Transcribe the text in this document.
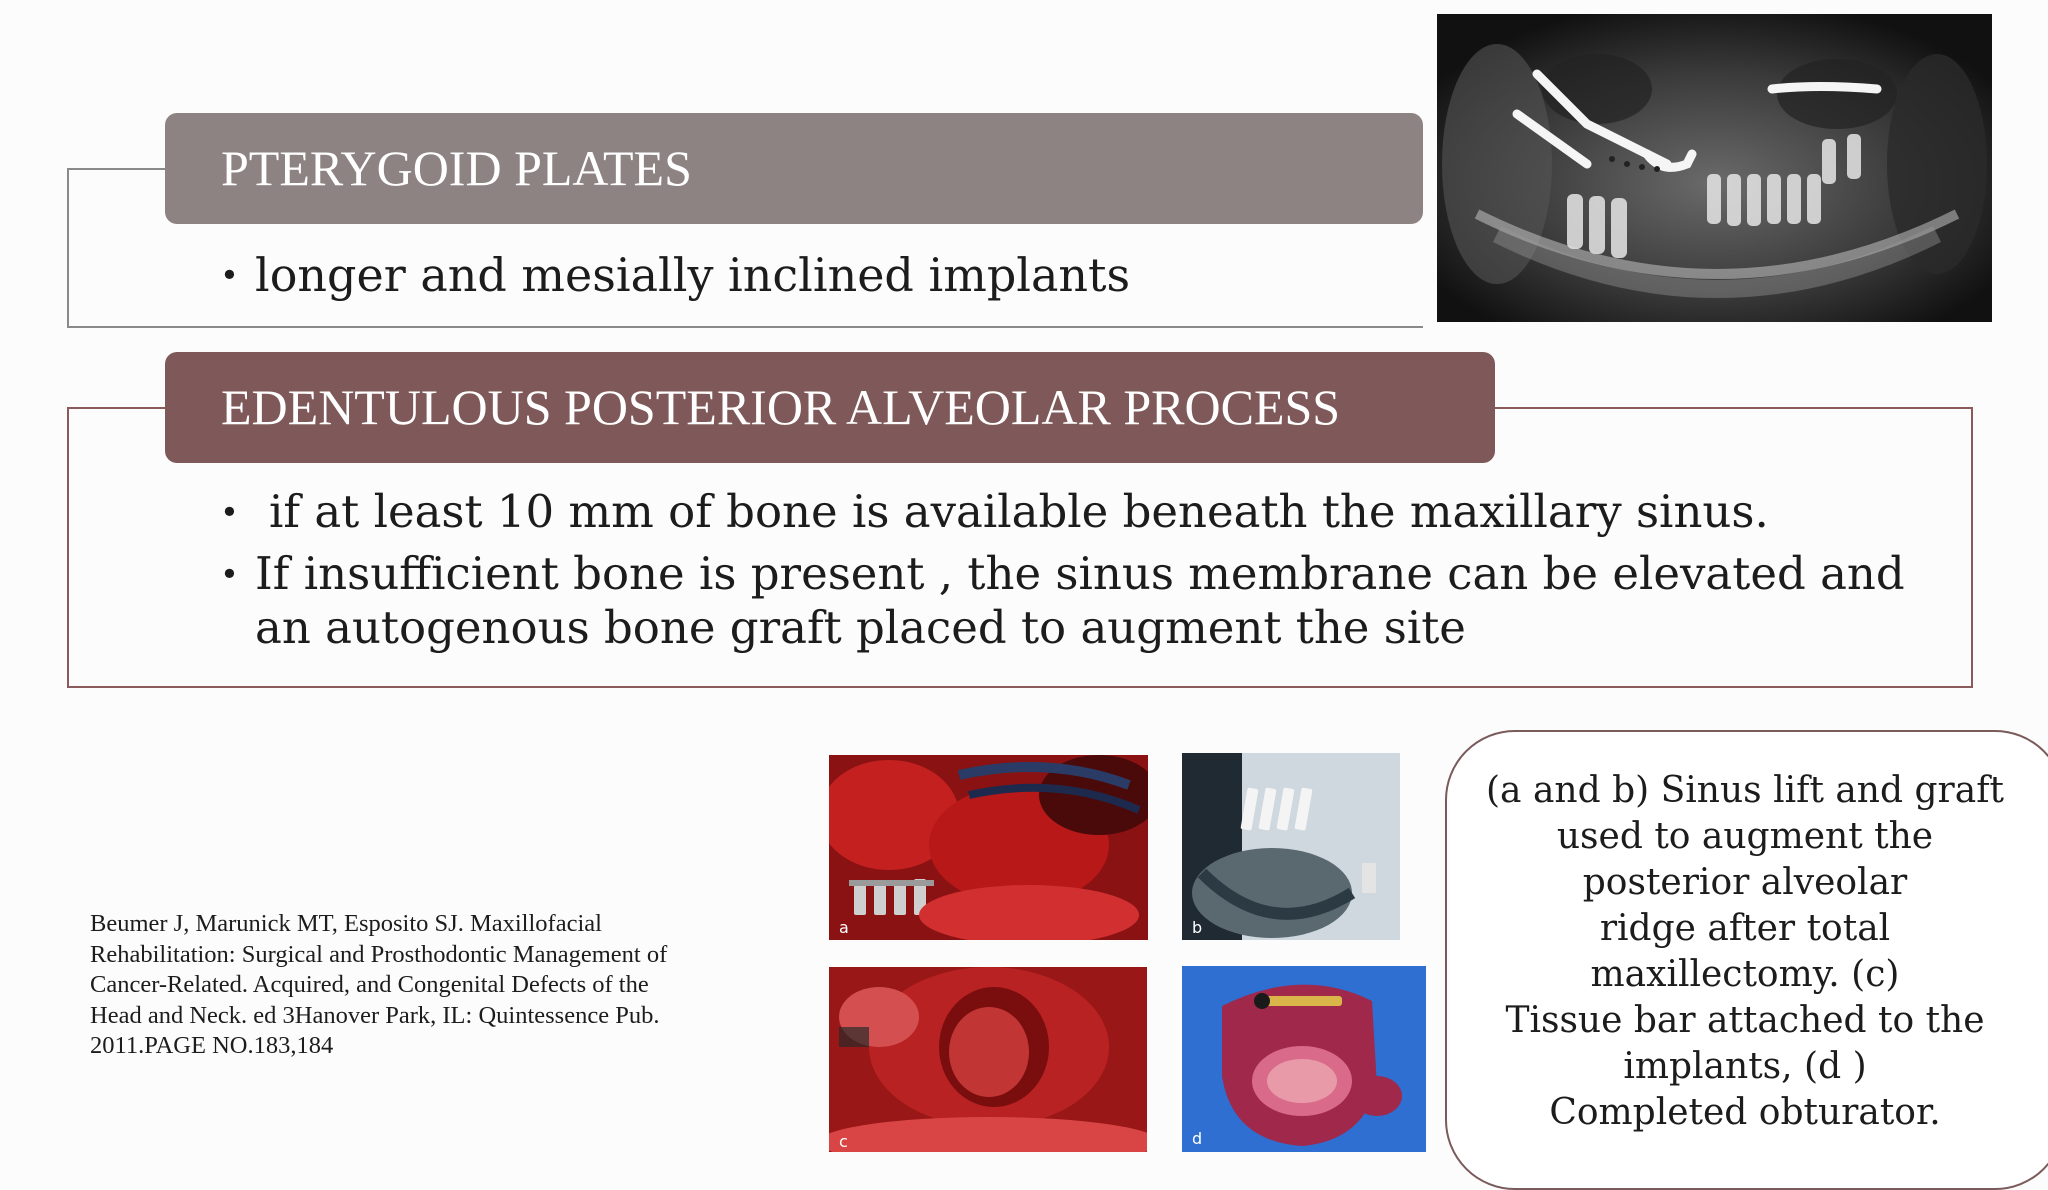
PTERYGOID PLATES
• longer and mesially inclined implants
EDENTULOUS POSTERIOR ALVEOLAR PROCESS
• if at least 10 mm of bone is available beneath the maxillary sinus.
• If insufficient bone is present , the sinus membrane can be elevated and an autogenous bone graft placed to augment the site
Beumer J, Marunick MT, Esposito SJ. Maxillofacial
Rehabilitation: Surgical and Prosthodontic Management of
Cancer-Related. Acquired, and Congenital Defects of the
Head and Neck. ed 3Hanover Park, IL: Quintessence Pub.
2011.PAGE NO.183,184
a	b
c	d
(a and b) Sinus lift and graft
used to augment the
posterior alveolar
ridge after total
maxillectomy. (c)
Tissue bar attached to the
implants, (d )
Completed obturator.
